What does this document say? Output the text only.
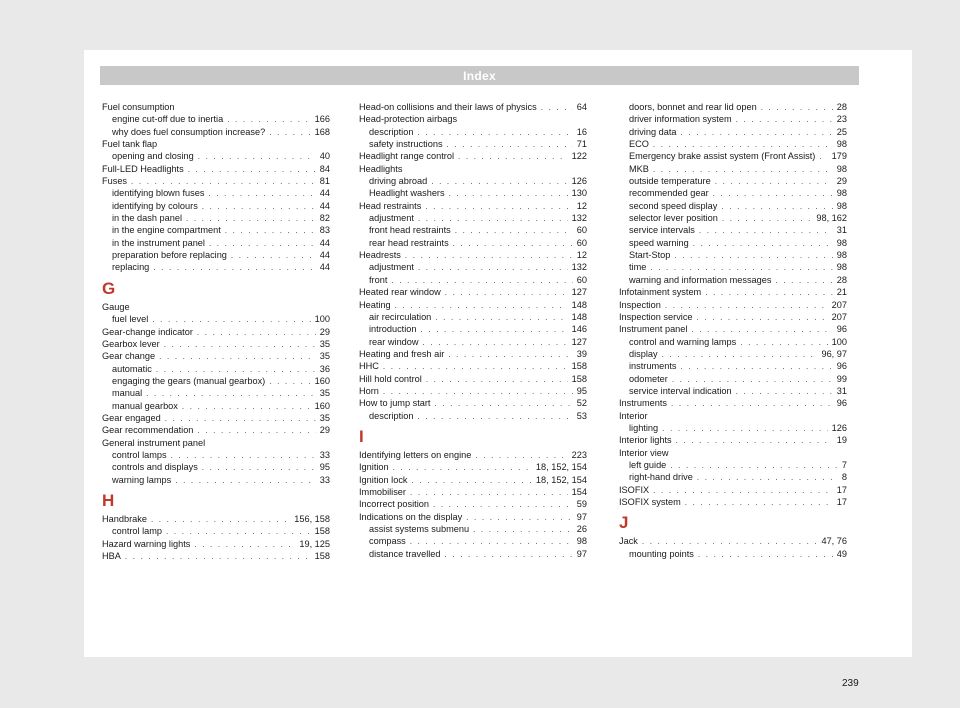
Index
Fuel consumption
engine cut-off due to inertia . . .	166
why does fuel consumption increase? . . .	168
Fuel tank flap
opening and closing . . .	40
Full-LED Headlights . . .	84
Fuses . . .	81
identifying blown fuses . . .	44
identifying by colours . . .	44
in the dash panel . . .	82
in the engine compartment . . .	83
in the instrument panel . . .	44
preparation before replacing . . .	44
replacing . . .	44
G
Gauge
fuel level . . .	100
Gear-change indicator . . .	29
Gearbox lever . . .	35
Gear change . . .	35
automatic . . .	36
engaging the gears (manual gearbox) . . .	160
manual . . .	35
manual gearbox . . .	160
Gear engaged . . .	35
Gear recommendation . . .	29
General instrument panel
control lamps . . .	33
controls and displays . . .	95
warning lamps . . .	33
H
Handbrake . . .	156, 158
control lamp . . .	158
Hazard warning lights . . .	19, 125
HBA . . .	158
Head-on collisions and their laws of physics . . .	64
Head-protection airbags
description . . .	16
safety instructions . . .	71
Headlight range control . . .	122
Headlights
driving abroad . . .	126
Headlight washers . . .	130
Head restraints . . .	12
adjustment . . .	132
front head restraints . . .	60
rear head restraints . . .	60
Headrests . . .	12
adjustment . . .	132
front . . .	60
Heated rear window . . .	127
Heating . . .	148
air recirculation . . .	148
introduction . . .	146
rear window . . .	127
Heating and fresh air . . .	39
HHC . . .	158
Hill hold control . . .	158
Horn . . .	95
How to jump start . . .	52
description . . .	53
I
Identifying letters on engine . . .	223
Ignition . . .	18, 152, 154
Ignition lock . . .	18, 152, 154
Immobiliser . . .	154
Incorrect position . . .	59
Indications on the display . . .	97
assist systems submenu . . .	26
compass . . .	98
distance travelled . . .	97
doors, bonnet and rear lid open . . .	28
driver information system . . .	23
driving data . . .	25
ECO . . .	98
Emergency brake assist system (Front Assist) . . . 179
MKB . . .	98
outside temperature . . .	29
recommended gear . . .	98
second speed display . . .	98
selector lever position . . .	98, 162
service intervals . . .	31
speed warning . . .	98
Start-Stop . . .	98
time . . .	98
warning and information messages . . .	28
Infotainment system . . .	21
Inspection . . .	207
Inspection service . . .	207
Instrument panel . . .	96
control and warning lamps . . .	100
display . . .	96, 97
instruments . . .	96
odometer . . .	99
service interval indication . . .	31
Instruments . . .	96
Interior
lighting . . .	126
Interior lights . . .	19
Interior view
left guide . . .	7
right-hand drive . . .	8
ISOFIX . . .	17
ISOFIX system . . .	17
J
Jack . . .	47, 76
mounting points . . .	49
239
